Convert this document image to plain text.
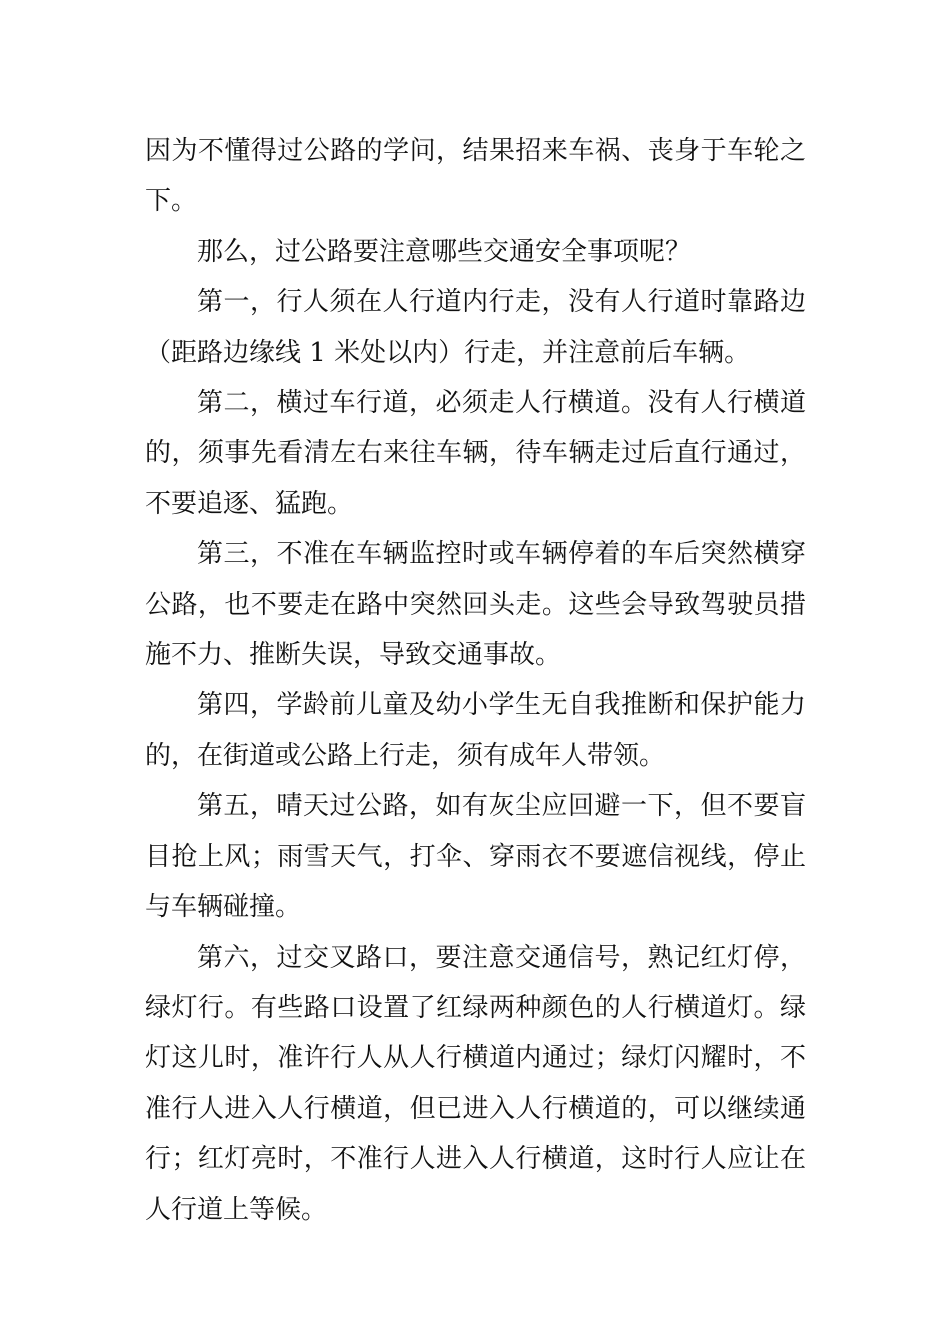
因为不懂得过公路的学问，结果招来车祸、丧身于车轮之下。

那么，过公路要注意哪些交通安全事项呢？

第一，行人须在人行道内行走，没有人行道时靠路边（距路边缘线 1 米处以内）行走，并注意前后车辆。

第二，横过车行道，必须走人行横道。没有人行横道的，须事先看清左右来往车辆，待车辆走过后直行通过，不要追逐、猛跑。

第三，不准在车辆监控时或车辆停着的车后突然横穿公路，也不要走在路中突然回头走。这些会导致驾驶员措施不力、推断失误，导致交通事故。

第四，学龄前儿童及幼小学生无自我推断和保护能力的，在街道或公路上行走，须有成年人带领。

第五，晴天过公路，如有灰尘应回避一下，但不要盲目抢上风；雨雪天气，打伞、穿雨衣不要遮信视线，停止与车辆碰撞。

第六，过交叉路口，要注意交通信号，熟记红灯停，绿灯行。有些路口设置了红绿两种颜色的人行横道灯。绿灯这儿时，准许行人从人行横道内通过；绿灯闪耀时，不准行人进入人行横道，但已进入人行横道的，可以继续通行；红灯亮时，不准行人进入人行横道，这时行人应让在人行道上等候。
